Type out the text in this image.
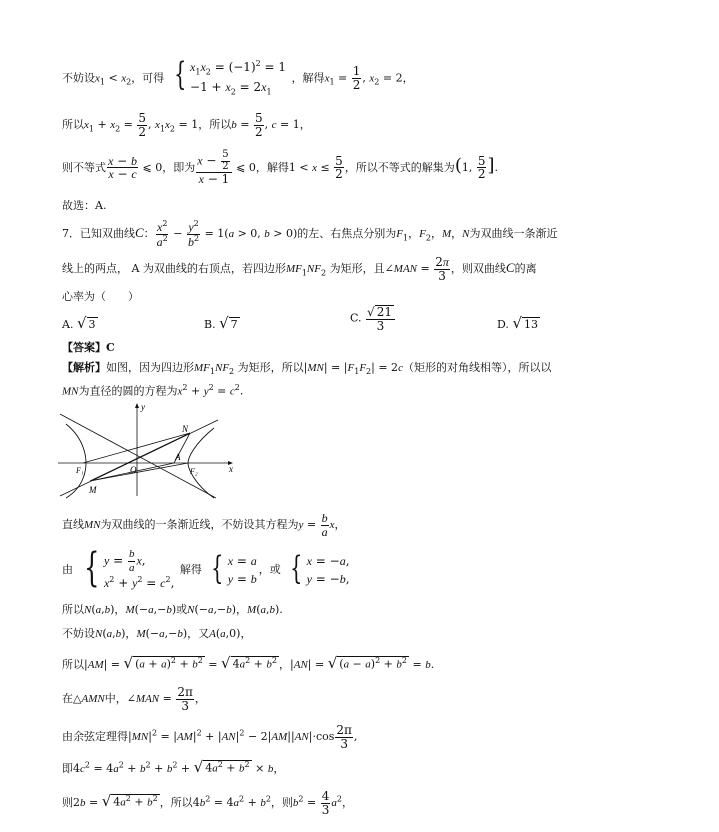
不妨设$x_1 < x_2$，可得 { $x_1x_2 = (-1)^2 = 1$
$-1 + x_2 = 2x_1$
，解得$x_1 = \frac{1}{2}$ , $x_2 = 2$，
所以$x_1 + x_2 = \frac{5}{2}$ , $x_1x_2 = 1$，所以$b = \frac{5}{2}$ , c = 1，
则不等式 $\frac{x - b}{x - c}$ ⩽ 0，即为 $\frac{x - \frac{5}{2}}{x - 1}$ ⩽ 0，解得$1 < x \le \frac{5}{2}$ ，所以不等式的解集为(1, $\frac{5}{2}$ ].
故选：A.
7．已知双曲线C： $\frac{x^2}{a^2} - \frac{y^2}{b^2} = 1(a > 0$, b > 0)的左、右焦点分别为$F_1$，$F_2$，M，N为双曲线一条渐近
线上的两点， A 为双曲线的右顶点，若四边形$MF_1NF_2$ 为矩形，且∠MAN = $\frac{2\pi}{3}$ ，则双曲线C的离
心率为（　　）
A. √ 3	B. √ 7	C. $\frac{√ 21}{3}$	D. √ 13
【答案】C
【解析】如图，因为四边形$MF_1NF_2$ 为矩形，所以$|MN| = |F_1F_2| = 2c$（矩形的对角线相等），所以以
MN为直径的圆的方程为$x^2 + y^2 = c^2$.
y
N
F₁	O
A
F₂	x
M
直线MN为双曲线的一条渐近线，不妨设其方程为$y = \frac{b}{a}$ x，
由 { $y = \frac{b}{a} x$,
$x^2 + y^2 = c^2$,
解得 { x = a
y = b
，或 { x = −a,
y = −b,
所以N(a,b)，M(−a,−b)或N(−a,−b)，M(a,b).
不妨设N(a,b)，M(−a,−b)，又A(a,0)，
所以|AM| = √ $(a + a)^2 + b^2$ = √ $4a^2 + b^2$ ，|AN| = √ $(a - a)^2 + b^2 = b$.
在△AMN中，∠MAN = $\frac{2\pi}{3}$ ，
由余弦定理得$|MN|^2 = |AM|^2 + |AN|^2 - 2|AM||AN|\cdot\cos \frac{2\pi}{3}$ ,
即$4c^2 = 4a^2 + b^2 + b^2$ + √ $4a^2 + b^2 \times b$，
则2b = √ $4a^2 + b^2$ ，所以$4b^2 = 4a^2 + b^2$，则$b^2 = \frac{4}{3} a^2$，
